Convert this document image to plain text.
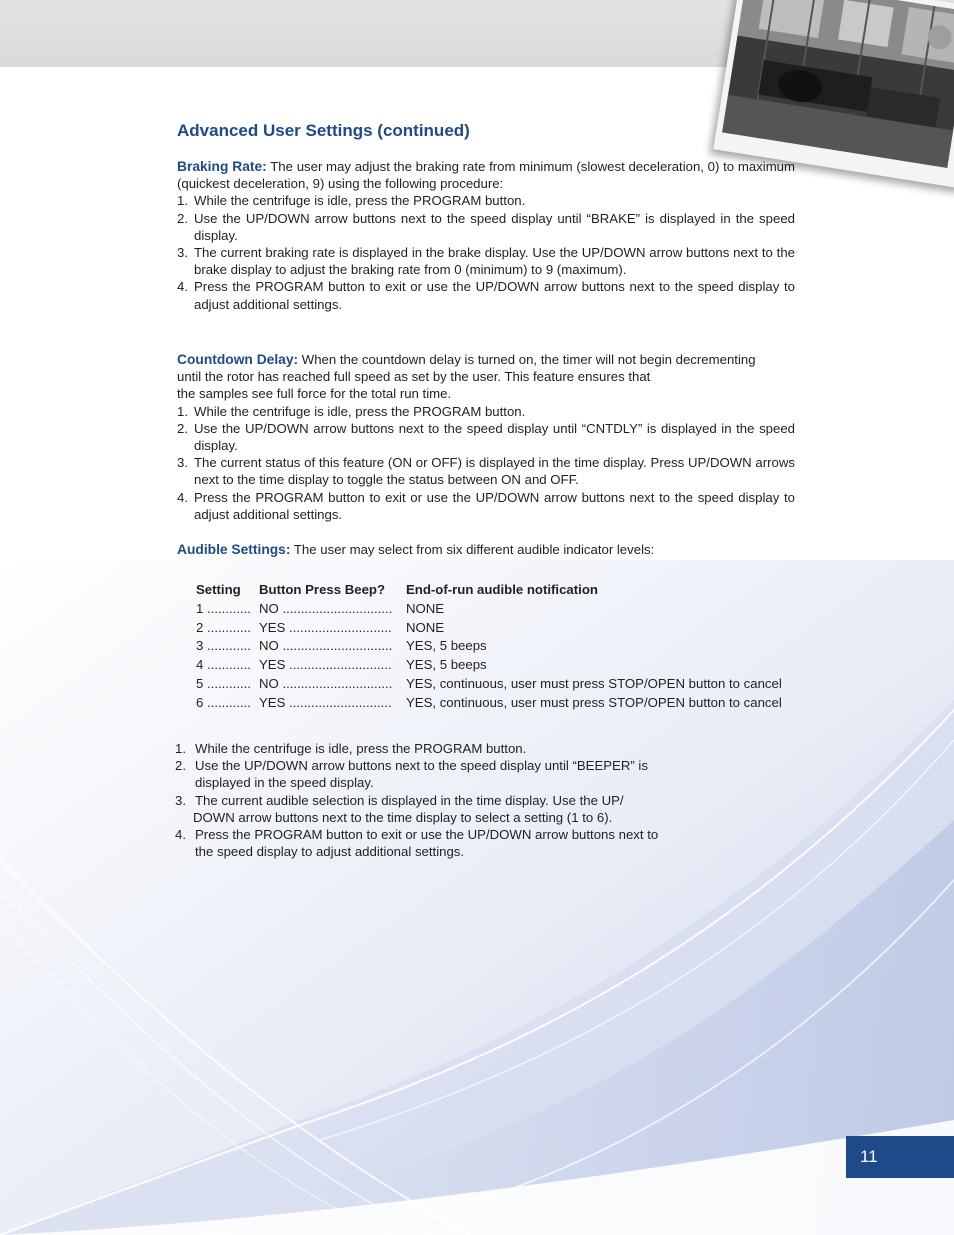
Advanced User Settings (continued)

Braking Rate: The user may adjust the braking rate from minimum (slowest deceleration, 0) to maximum (quickest deceleration, 9) using the following procedure:

1. While the centrifuge is idle, press the PROGRAM button.
2. Use the UP/DOWN arrow buttons next to the speed display until “BRAKE” is displayed in the speed display.
3. The current braking rate is displayed in the brake display. Use the UP/DOWN arrow buttons next to the brake display to adjust the braking rate from 0 (minimum) to 9 (maximum).
4. Press the PROGRAM button to exit or use the UP/DOWN arrow buttons next to the speed display to adjust additional settings.

Countdown Delay: When the countdown delay is turned on, the timer will not begin decrementing
until the rotor has reached full speed as set by the user. This feature ensures that
the samples see full force for the total run time.

1. While the centrifuge is idle, press the PROGRAM button.
2. Use the UP/DOWN arrow buttons next to the speed display until “CNTDLY” is displayed in the speed display.
3. The current status of this feature (ON or OFF) is displayed in the time display. Press UP/DOWN arrows next to the time display to toggle the status between ON and OFF.
4. Press the PROGRAM button to exit or use the UP/DOWN arrow buttons next to the speed display to adjust additional settings.

Audible Settings: The user may select from six different audible indicator levels:

Setting	Button Press Beep?	End-of-run audible notification
1 ............ NO ..............................	NONE
2 ............ YES ............................	NONE
3 ............ NO ..............................	YES, 5 beeps
4 ............ YES ............................	YES, 5 beeps
5 ............ NO ..............................	YES, continuous, user must press STOP/OPEN button to cancel
6 ............ YES ............................	YES, continuous, user must press STOP/OPEN button to cancel
1. While the centrifuge is idle, press the PROGRAM button.
2. Use the UP/DOWN arrow buttons next to the speed display until “BEEPER” is
displayed in the speed display.
3. The current audible selection is displayed in the time display. Use the UP/
DOWN arrow buttons next to the time display to select a setting (1 to 6).
4. Press the PROGRAM button to exit or use the UP/DOWN arrow buttons next to
the speed display to adjust additional settings.
11
